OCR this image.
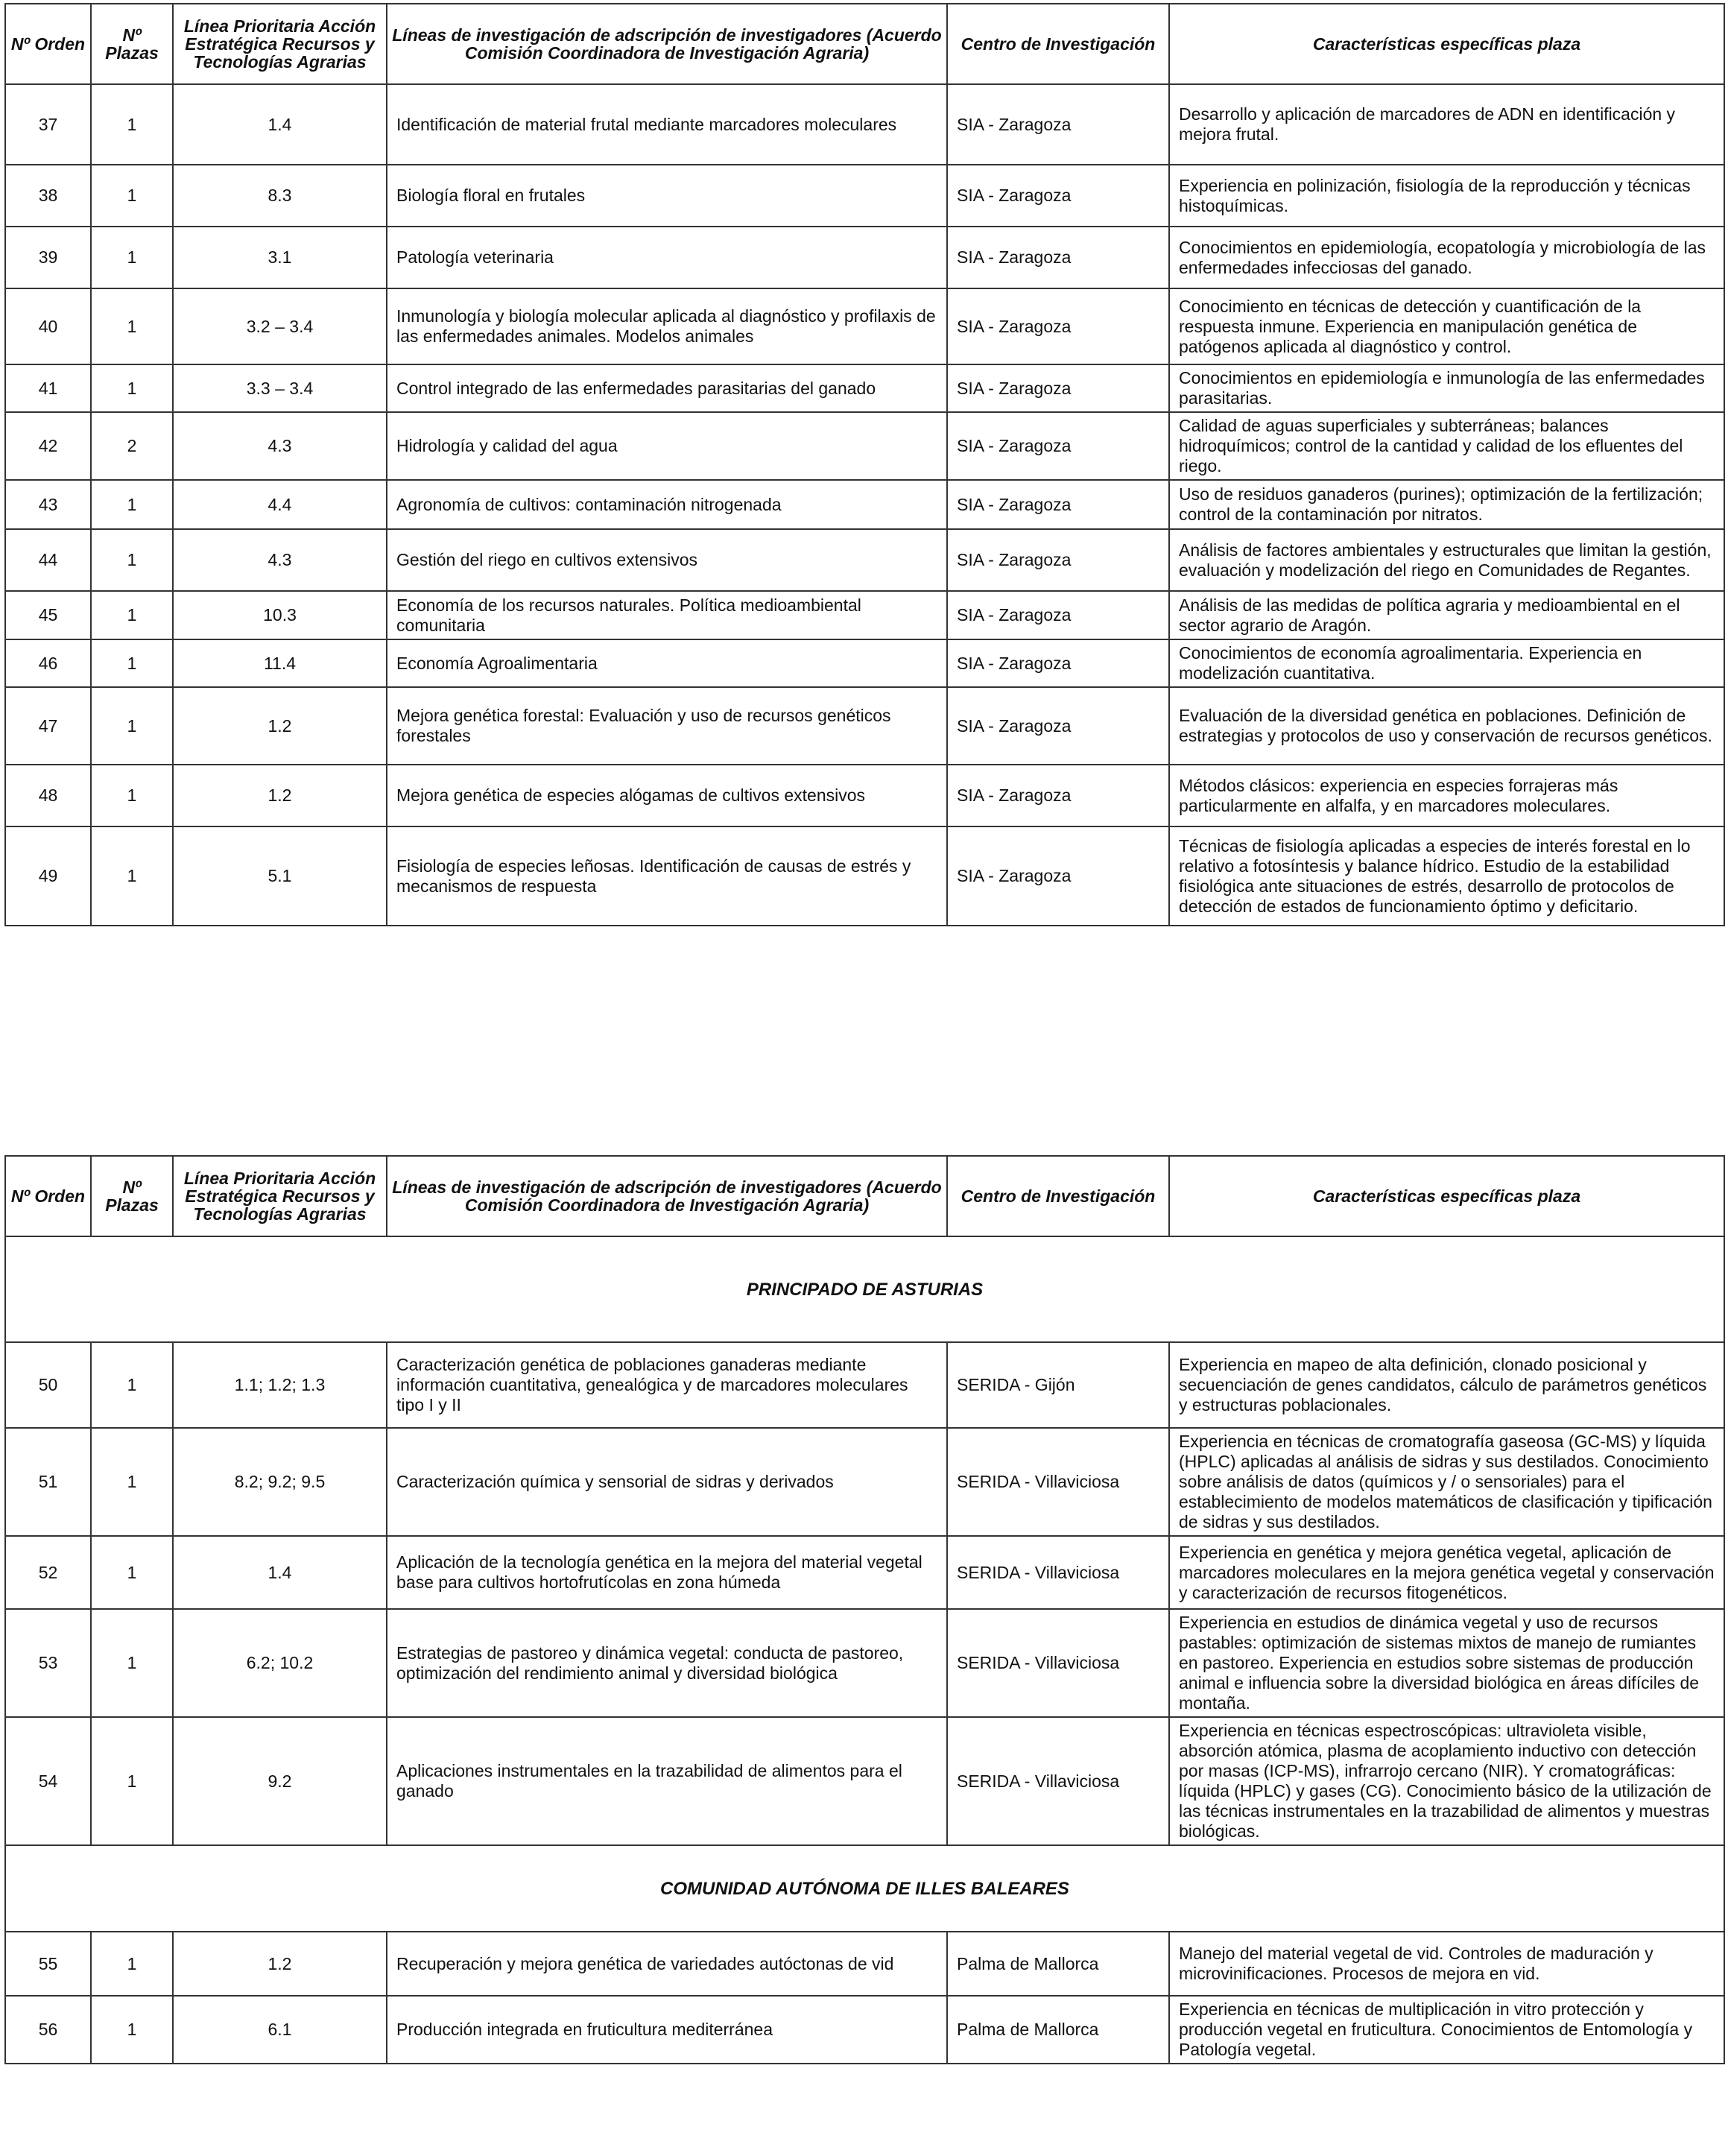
Nº Orden	Nº Plazas	Línea Prioritaria Acción Estratégica Recursos y Tecnologías Agrarias	Líneas de investigación de adscripción de investigadores (Acuerdo Comisión Coordinadora de Investigación Agraria)	Centro de Investigación	Características específicas plaza
37	1	1.4	Identificación de material frutal mediante marcadores moleculares	SIA - Zaragoza	Desarrollo y aplicación de marcadores de ADN en identificación y mejora frutal.
38	1	8.3	Biología floral en frutales	SIA - Zaragoza	Experiencia en polinización, fisiología de la reproducción y técnicas histoquímicas.
39	1	3.1	Patología veterinaria	SIA - Zaragoza	Conocimientos en epidemiología, ecopatología y microbiología de las enfermedades infecciosas del ganado.
40	1	3.2 – 3.4	Inmunología y biología molecular aplicada al diagnóstico y profilaxis de las enfermedades animales. Modelos animales	SIA - Zaragoza	Conocimiento en técnicas de detección y cuantificación de la respuesta inmune. Experiencia en manipulación genética de patógenos aplicada al diagnóstico y control.
41	1	3.3 – 3.4	Control integrado de las enfermedades parasitarias del ganado	SIA - Zaragoza	Conocimientos en epidemiología e inmunología de las enfermedades parasitarias.
42	2	4.3	Hidrología y calidad del agua	SIA - Zaragoza	Calidad de aguas superficiales y subterráneas; balances hidroquímicos; control de la cantidad y calidad de los efluentes del riego.
43	1	4.4	Agronomía de cultivos: contaminación nitrogenada	SIA - Zaragoza	Uso de residuos ganaderos (purines); optimización de la fertilización; control de la contaminación por nitratos.
44	1	4.3	Gestión del riego en cultivos extensivos	SIA - Zaragoza	Análisis de factores ambientales y estructurales que limitan la gestión, evaluación y modelización del riego en Comunidades de Regantes.
45	1	10.3	Economía de los recursos naturales. Política medioambiental comunitaria	SIA - Zaragoza	Análisis de las medidas de política agraria y medioambiental en el sector agrario de Aragón.
46	1	11.4	Economía Agroalimentaria	SIA - Zaragoza	Conocimientos de economía agroalimentaria. Experiencia en modelización cuantitativa.
47	1	1.2	Mejora genética forestal: Evaluación y uso de recursos genéticos forestales	SIA - Zaragoza	Evaluación de la diversidad genética en poblaciones. Definición de estrategias y protocolos de uso y conservación de recursos genéticos.
48	1	1.2	Mejora genética de especies alógamas de cultivos extensivos	SIA - Zaragoza	Métodos clásicos: experiencia en especies forrajeras más particularmente en alfalfa, y en marcadores moleculares.
49	1	5.1	Fisiología de especies leñosas. Identificación de causas de estrés y mecanismos de respuesta	SIA - Zaragoza	Técnicas de fisiología aplicadas a especies de interés forestal en lo relativo a fotosíntesis y balance hídrico. Estudio de la estabilidad fisiológica ante situaciones de estrés, desarrollo de protocolos de detección de estados de funcionamiento óptimo y deficitario.
Nº Orden	Nº Plazas	Línea Prioritaria Acción Estratégica Recursos y Tecnologías Agrarias	Líneas de investigación de adscripción de investigadores (Acuerdo Comisión Coordinadora de Investigación Agraria)	Centro de Investigación	Características específicas plaza
PRINCIPADO DE ASTURIAS					
50	1	1.1; 1.2; 1.3	Caracterización genética de poblaciones ganaderas mediante información cuantitativa, genealógica y de marcadores moleculares tipo I y II	SERIDA - Gijón	Experiencia en mapeo de alta definición, clonado posicional y secuenciación de genes candidatos, cálculo de parámetros genéticos y estructuras poblacionales.
51	1	8.2; 9.2; 9.5	Caracterización química y sensorial de sidras y derivados	SERIDA - Villaviciosa	Experiencia en técnicas de cromatografía gaseosa (GC-MS) y líquida (HPLC) aplicadas al análisis de sidras y sus destilados. Conocimiento sobre análisis de datos (químicos y / o sensoriales) para el establecimiento de modelos matemáticos de clasificación y tipificación de sidras y sus destilados.
52	1	1.4	Aplicación de la tecnología genética en la mejora del material vegetal base para cultivos hortofrutícolas en zona húmeda	SERIDA - Villaviciosa	Experiencia en genética y mejora genética vegetal, aplicación de marcadores moleculares en la mejora genética vegetal y conservación y caracterización de recursos fitogenéticos.
53	1	6.2; 10.2	Estrategias de pastoreo y dinámica vegetal: conducta de pastoreo, optimización del rendimiento animal y diversidad biológica	SERIDA - Villaviciosa	Experiencia en estudios de dinámica vegetal y uso de recursos pastables: optimización de sistemas mixtos de manejo de rumiantes en pastoreo. Experiencia en estudios sobre sistemas de producción animal e influencia sobre la diversidad biológica en áreas difíciles de montaña.
54	1	9.2	Aplicaciones instrumentales en la trazabilidad de alimentos para el ganado	SERIDA - Villaviciosa	Experiencia en técnicas espectroscópicas: ultravioleta visible, absorción atómica, plasma de acoplamiento inductivo con detección por masas (ICP-MS), infrarrojo cercano (NIR). Y cromatográficas: líquida (HPLC) y gases (CG). Conocimiento básico de la utilización de las técnicas instrumentales en la trazabilidad de alimentos y muestras biológicas.
COMUNIDAD AUTÓNOMA DE ILLES BALEARES					
55	1	1.2	Recuperación y mejora genética de variedades autóctonas de vid	Palma de Mallorca	Manejo del material vegetal de vid. Controles de maduración y microvinificaciones. Procesos de mejora en vid.
56	1	6.1	Producción integrada en fruticultura mediterránea	Palma de Mallorca	Experiencia en técnicas de multiplicación in vitro protección y producción vegetal en fruticultura. Conocimientos de Entomología y Patología vegetal.
